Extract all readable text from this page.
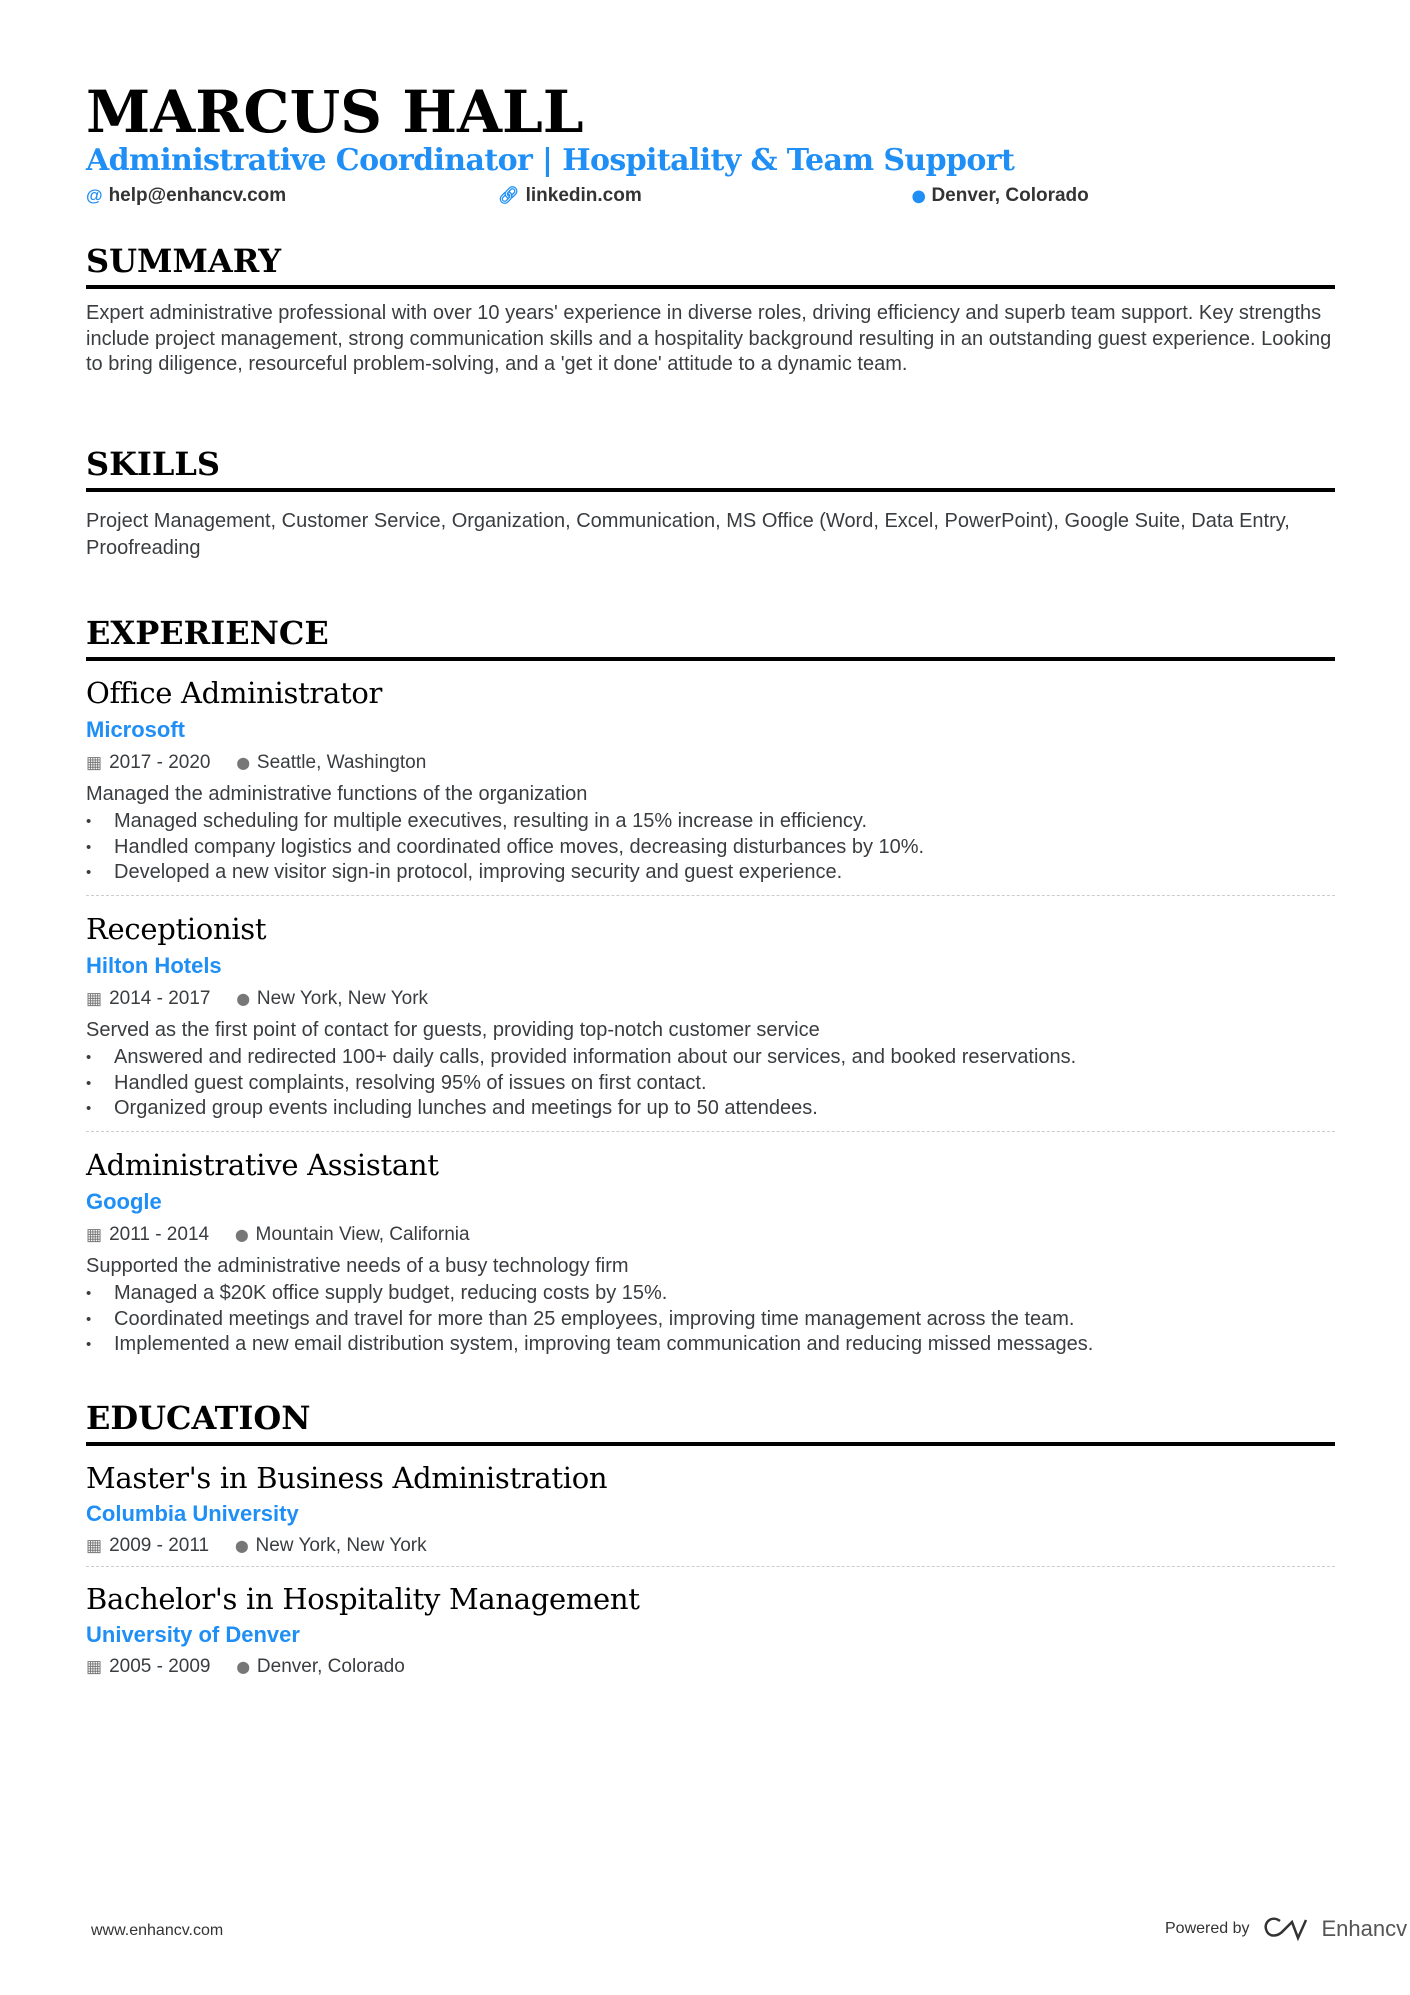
MARCUS HALL
Administrative Coordinator | Hospitality & Team Support
@ help@enhancv.com	🔗︎ linkedin.com	⬤ Denver, Colorado
SUMMARY
Expert administrative professional with over 10 years' experience in diverse roles, driving efficiency and superb team support. Key strengths include project management, strong communication skills and a hospitality background resulting in an outstanding guest experience. Looking to bring diligence, resourceful problem-solving, and a 'get it done' attitude to a dynamic team.
SKILLS
Project Management, Customer Service, Organization, Communication, MS Office (Word, Excel, PowerPoint), Google Suite, Data Entry, Proofreading
EXPERIENCE
Office Administrator
Microsoft
▦ 2017 - 2020 ⬤ Seattle, Washington
Managed the administrative functions of the organization
• Managed scheduling for multiple executives, resulting in a 15% increase in efficiency.
• Handled company logistics and coordinated office moves, decreasing disturbances by 10%.
• Developed a new visitor sign-in protocol, improving security and guest experience.
Receptionist
Hilton Hotels
▦ 2014 - 2017 ⬤ New York, New York
Served as the first point of contact for guests, providing top-notch customer service
• Answered and redirected 100+ daily calls, provided information about our services, and booked reservations.
• Handled guest complaints, resolving 95% of issues on first contact.
• Organized group events including lunches and meetings for up to 50 attendees.
Administrative Assistant
Google
▦ 2011 - 2014 ⬤ Mountain View, California
Supported the administrative needs of a busy technology firm
• Managed a $20K office supply budget, reducing costs by 15%.
• Coordinated meetings and travel for more than 25 employees, improving time management across the team.
• Implemented a new email distribution system, improving team communication and reducing missed messages.
EDUCATION
Master's in Business Administration
Columbia University
▦ 2009 - 2011 ⬤ New York, New York
Bachelor's in Hospitality Management
University of Denver
▦ 2005 - 2009 ⬤ Denver, Colorado
www.enhancv.com	Powered by	Enhancv
